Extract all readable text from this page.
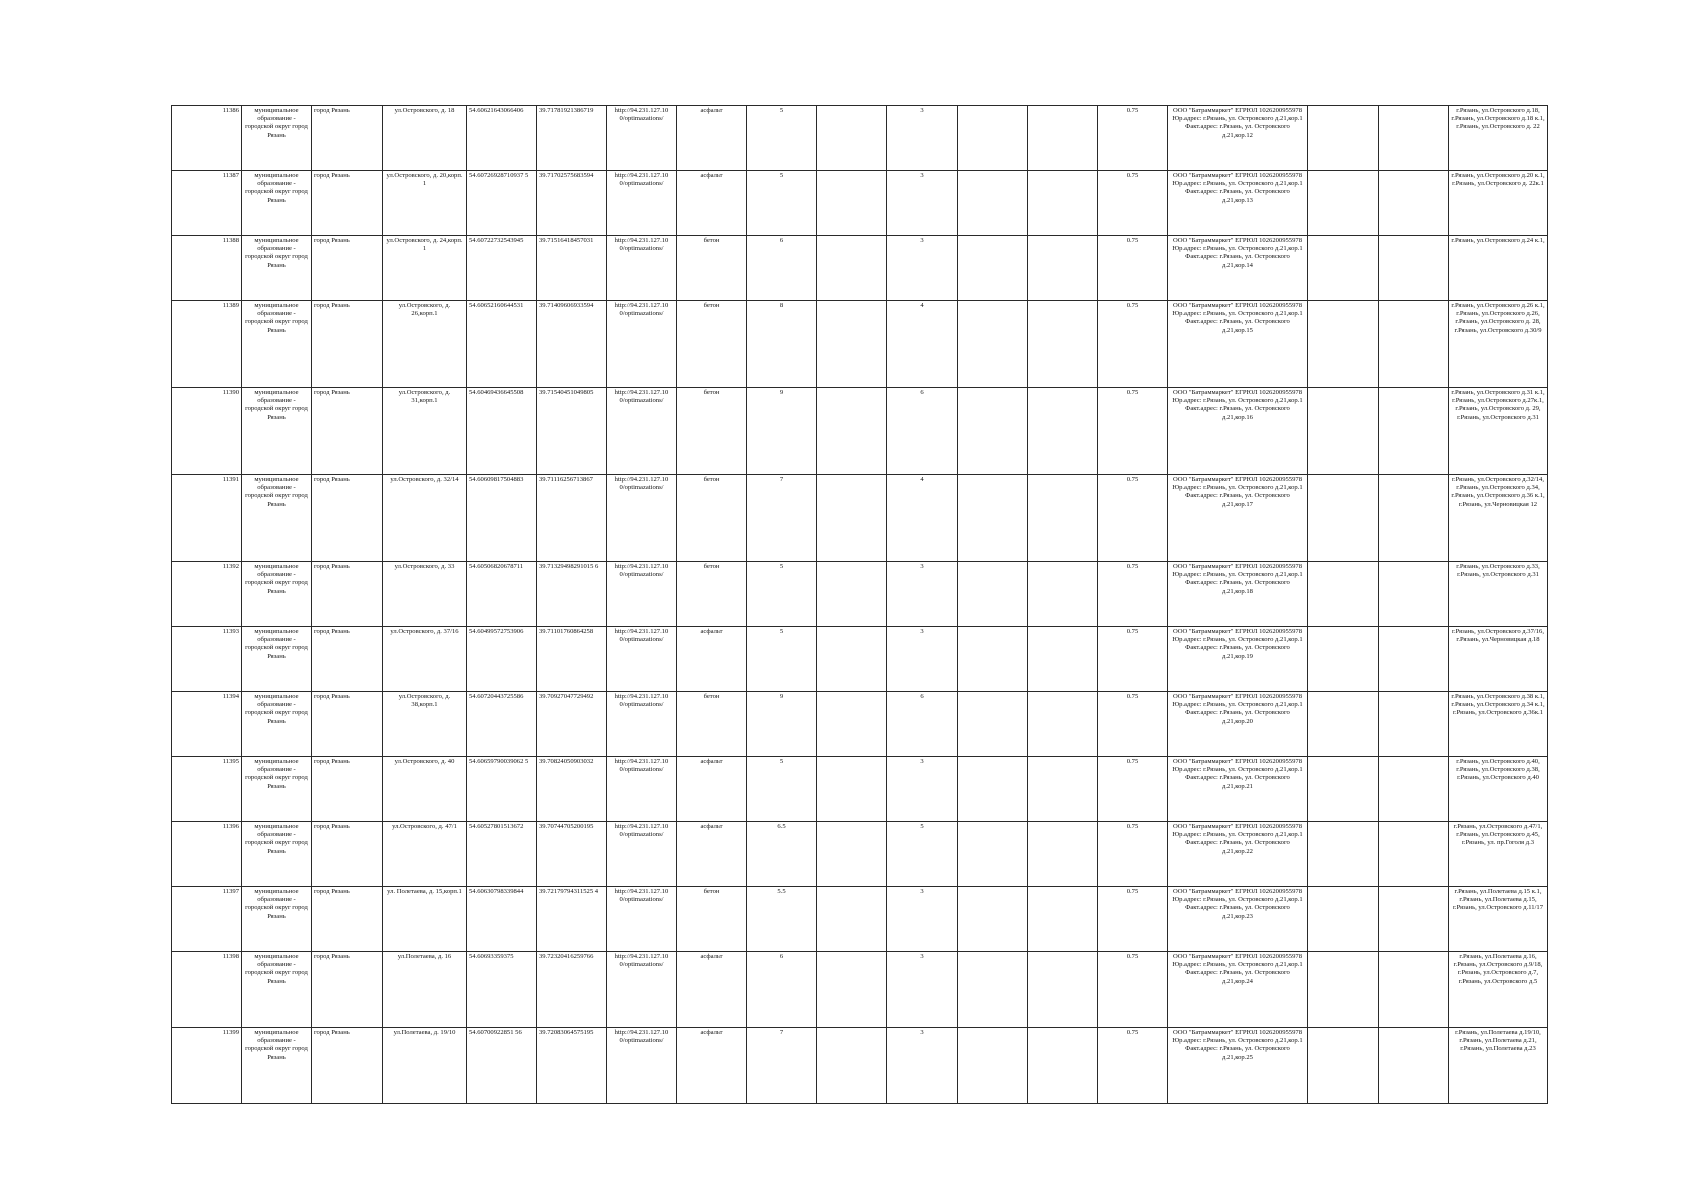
11386	муниципальное образование - городской округ город Рязань	город Рязань	ул.Островского, д. 18	54.60621643066406	39.71781921386719	http://94.231.127.10 0/optimazations/	асфальт	5		3			0.75	ООО "Батраммаркет" ЕГРЮЛ 1026200955978 Юр.адрес: г.Рязань, ул. Островского д.21,кор.1 Факт.адрес: г.Рязань, ул. Островского д.21,кор.12			г.Рязань, ул.Островского д.18, г.Рязань, ул.Островского д.18 к.1, г.Рязань, ул.Островского д. 22
11387	муниципальное образование - городской округ город Рязань	город Рязань	ул.Островского, д. 20,корп. 1	54.60726928710937 5	39.71702575683594	http://94.231.127.10 0/optimazations/	асфальт	5		3			0.75	ООО "Батраммаркет" ЕГРЮЛ 1026200955978 Юр.адрес: г.Рязань, ул. Островского д.21,кор.1 Факт.адрес: г.Рязань, ул. Островского д.21,кор.13			г.Рязань, ул.Островского д.20 к.1, г.Рязань, ул.Островского д. 22к.1
11388	муниципальное образование - городской округ город Рязань	город Рязань	ул.Островского, д. 24,корп. 1	54.60722732543945	39.71516418457031	http://94.231.127.10 0/optimazations/	бетон	6		3			0.75	ООО "Батраммаркет" ЕГРЮЛ 1026200955978 Юр.адрес: г.Рязань, ул. Островского д.21,кор.1 Факт.адрес: г.Рязань, ул. Островского д.21,кор.14			г.Рязань, ул.Островского д.24 к.1,
11389	муниципальное образование - городской округ город Рязань	город Рязань	ул.Островского, д. 26,корп.1	54.60652160644531	39.71409606933594	http://94.231.127.10 0/optimazations/	бетон	8		4			0.75	ООО "Батраммаркет" ЕГРЮЛ 1026200955978 Юр.адрес: г.Рязань, ул. Островского д.21,кор.1 Факт.адрес: г.Рязань, ул. Островского д.21,кор.15			г.Рязань, ул.Островского д.26 к.1, г.Рязань, ул.Островского д.26, г.Рязань, ул.Островского д. 28, г.Рязань, ул.Островского д.30/9
11390	муниципальное образование - городской округ город Рязань	город Рязань	ул.Островского, д. 31,корп.1	54.60469436645508	39.71540451049805	http://94.231.127.10 0/optimazations/	бетон	9		6			0.75	ООО "Батраммаркет" ЕГРЮЛ 1026200955978 Юр.адрес: г.Рязань, ул. Островского д.21,кор.1 Факт.адрес: г.Рязань, ул. Островского д.21,кор.16			г.Рязань, ул.Островского д.31 к.1, г.Рязань, ул.Островского д.27к.1, г.Рязань, ул.Островского д. 29, г.Рязань, ул.Островского д.31
11391	муниципальное образование - городской округ город Рязань	город Рязань	ул.Островского, д. 32/14	54.60609817504883	39.71116256713867	http://94.231.127.10 0/optimazations/	бетон	7		4			0.75	ООО "Батраммаркет" ЕГРЮЛ 1026200955978 Юр.адрес: г.Рязань, ул. Островского д.21,кор.1 Факт.адрес: г.Рязань, ул. Островского д.21,кор.17			г.Рязань, ул.Островского д.32/14, г.Рязань, ул.Островского д.34, г.Рязань, ул.Островского д.36 к.1, г.Рязань, ул.Черновицкая 12
11392	муниципальное образование - городской округ город Рязань	город Рязань	ул.Островского, д. 33	54.60506820678711	39.71329498291015 6	http://94.231.127.10 0/optimazations/	бетон	5		3			0.75	ООО "Батраммаркет" ЕГРЮЛ 1026200955978 Юр.адрес: г.Рязань, ул. Островского д.21,кор.1 Факт.адрес: г.Рязань, ул. Островского д.21,кор.18			г.Рязань, ул.Островского д.33, г.Рязань, ул.Островского д.31
11393	муниципальное образование - городской округ город Рязань	город Рязань	ул.Островского, д. 37/16	54.60499572753906	39.71101760864258	http://94.231.127.10 0/optimazations/	асфальт	5		3			0.75	ООО "Батраммаркет" ЕГРЮЛ 1026200955978 Юр.адрес: г.Рязань, ул. Островского д.21,кор.1 Факт.адрес: г.Рязань, ул. Островского д.21,кор.19			г.Рязань, ул.Островского д.37/16, г.Рязань, ул.Черновицкая д.18
11394	муниципальное образование - городской округ город Рязань	город Рязань	ул.Островского, д. 38,корп.1	54.60720443725586	39.70927047729492	http://94.231.127.10 0/optimazations/	бетон	9		6			0.75	ООО "Батраммаркет" ЕГРЮЛ 1026200955978 Юр.адрес: г.Рязань, ул. Островского д.21,кор.1 Факт.адрес: г.Рязань, ул. Островского д.21,кор.20			г.Рязань, ул.Островского д.38 к.1, г.Рязань, ул.Островского д.34 к.1, г.Рязань, ул.Островского д.36к.1
11395	муниципальное образование - городской округ город Рязань	город Рязань	ул.Островского, д. 40	54.60659790039062 5	39.70824050903032	http://94.231.127.10 0/optimazations/	асфальт	5		3			0.75	ООО "Батраммаркет" ЕГРЮЛ 1026200955978 Юр.адрес: г.Рязань, ул. Островского д.21,кор.1 Факт.адрес: г.Рязань, ул. Островского д.21,кор.21			г.Рязань, ул.Островского д.40, г.Рязань, ул.Островского д.38, г.Рязань, ул.Островского д.40
11396	муниципальное образование - городской округ город Рязань	город Рязань	ул.Островского, д. 47/1	54.60527801513672	39.70744705200195	http://94.231.127.10 0/optimazations/	асфальт	6.5		5			0.75	ООО "Батраммаркет" ЕГРЮЛ 1026200955978 Юр.адрес: г.Рязань, ул. Островского д.21,кор.1 Факт.адрес: г.Рязань, ул. Островского д.21,кор.22			г.Рязань, ул.Островского д.47/1, г.Рязань, ул.Островского д.45, г.Рязань, ул. пр.Гоголя д.3
11397	муниципальное образование - городской округ город Рязань	город Рязань	ул. Полетаева, д. 15,корп.1	54.60630798339844	39.72179794311525 4	http://94.231.127.10 0/optimazations/	бетон	5.5		3			0.75	ООО "Батраммаркет" ЕГРЮЛ 1026200955978 Юр.адрес: г.Рязань, ул. Островского д.21,кор.1 Факт.адрес: г.Рязань, ул. Островского д.21,кор.23			г.Рязань, ул.Полетаева д.15 к.1, г.Рязань, ул.Полетаева д.15, г.Рязань, ул.Островского д.11/17
11398	муниципальное образование - городской округ город Рязань	город Рязань	ул.Полетаева, д. 16	54.60693359375	39.72320416259766	http://94.231.127.10 0/optimazations/	асфальт	6		3			0.75	ООО "Батраммаркет" ЕГРЮЛ 1026200955978 Юр.адрес: г.Рязань, ул. Островского д.21,кор.1 Факт.адрес: г.Рязань, ул. Островского д.21,кор.24			г.Рязань, ул.Полетаева д.16, г.Рязань, ул.Островского д.9/18, г.Рязань, ул.Островского д.7, г.Рязань, ул.Островского д.5
11399	муниципальное образование - городской округ город Рязань	город Рязань	ул.Полетаева, д. 19/10	54.60700922851 56	39.72083064575195	http://94.231.127.10 0/optimazations/	асфальт	7		3			0.75	ООО "Батраммаркет" ЕГРЮЛ 1026200955978 Юр.адрес: г.Рязань, ул. Островского д.21,кор.1 Факт.адрес: г.Рязань, ул. Островского д.21,кор.25			г.Рязань, ул.Полетаева д.19/10, г.Рязань, ул.Полетаева д.21, г.Рязань, ул.Полетаева д.23
